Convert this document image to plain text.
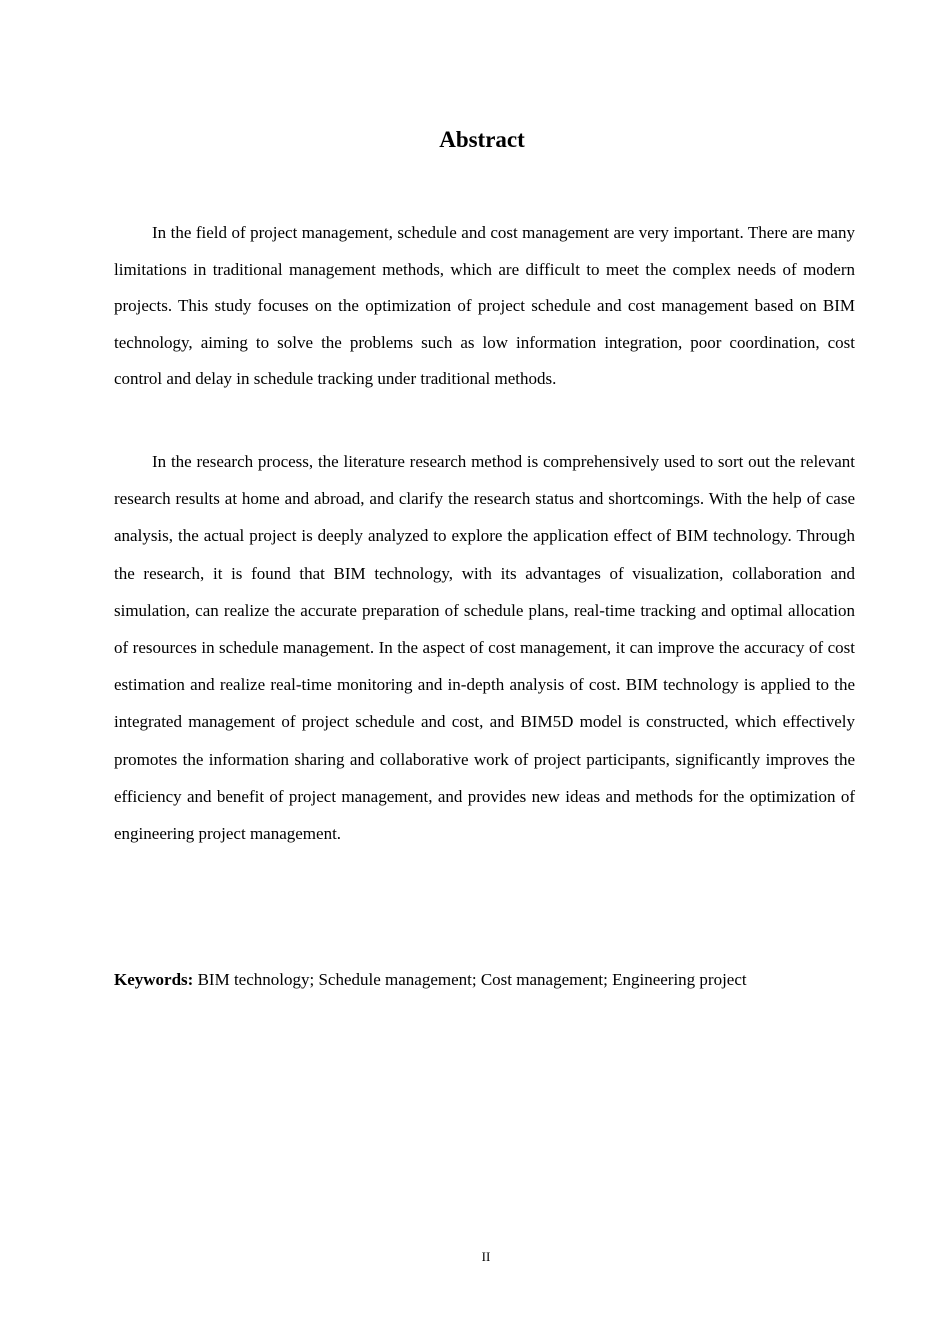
Abstract

In the field of project management, schedule and cost management are very important. There are many limitations in traditional management methods, which are difficult to meet the complex needs of modern projects. This study focuses on the optimization of project schedule and cost management based on BIM technology, aiming to solve the problems such as low information integration, poor coordination, cost control and delay in schedule tracking under traditional methods.

In the research process, the literature research method is comprehensively used to sort out the relevant research results at home and abroad, and clarify the research status and shortcomings. With the help of case analysis, the actual project is deeply analyzed to explore the application effect of BIM technology. Through the research, it is found that BIM technology, with its advantages of visualization, collaboration and simulation, can realize the accurate preparation of schedule plans, real-time tracking and optimal allocation of resources in schedule management. In the aspect of cost management, it can improve the accuracy of cost estimation and realize real-time monitoring and in-depth analysis of cost. BIM technology is applied to the integrated management of project schedule and cost, and BIM5D model is constructed, which effectively promotes the information sharing and collaborative work of project participants, significantly improves the efficiency and benefit of project management, and provides new ideas and methods for the optimization of engineering project management.

Keywords: BIM technology; Schedule management; Cost management; Engineering project

II
